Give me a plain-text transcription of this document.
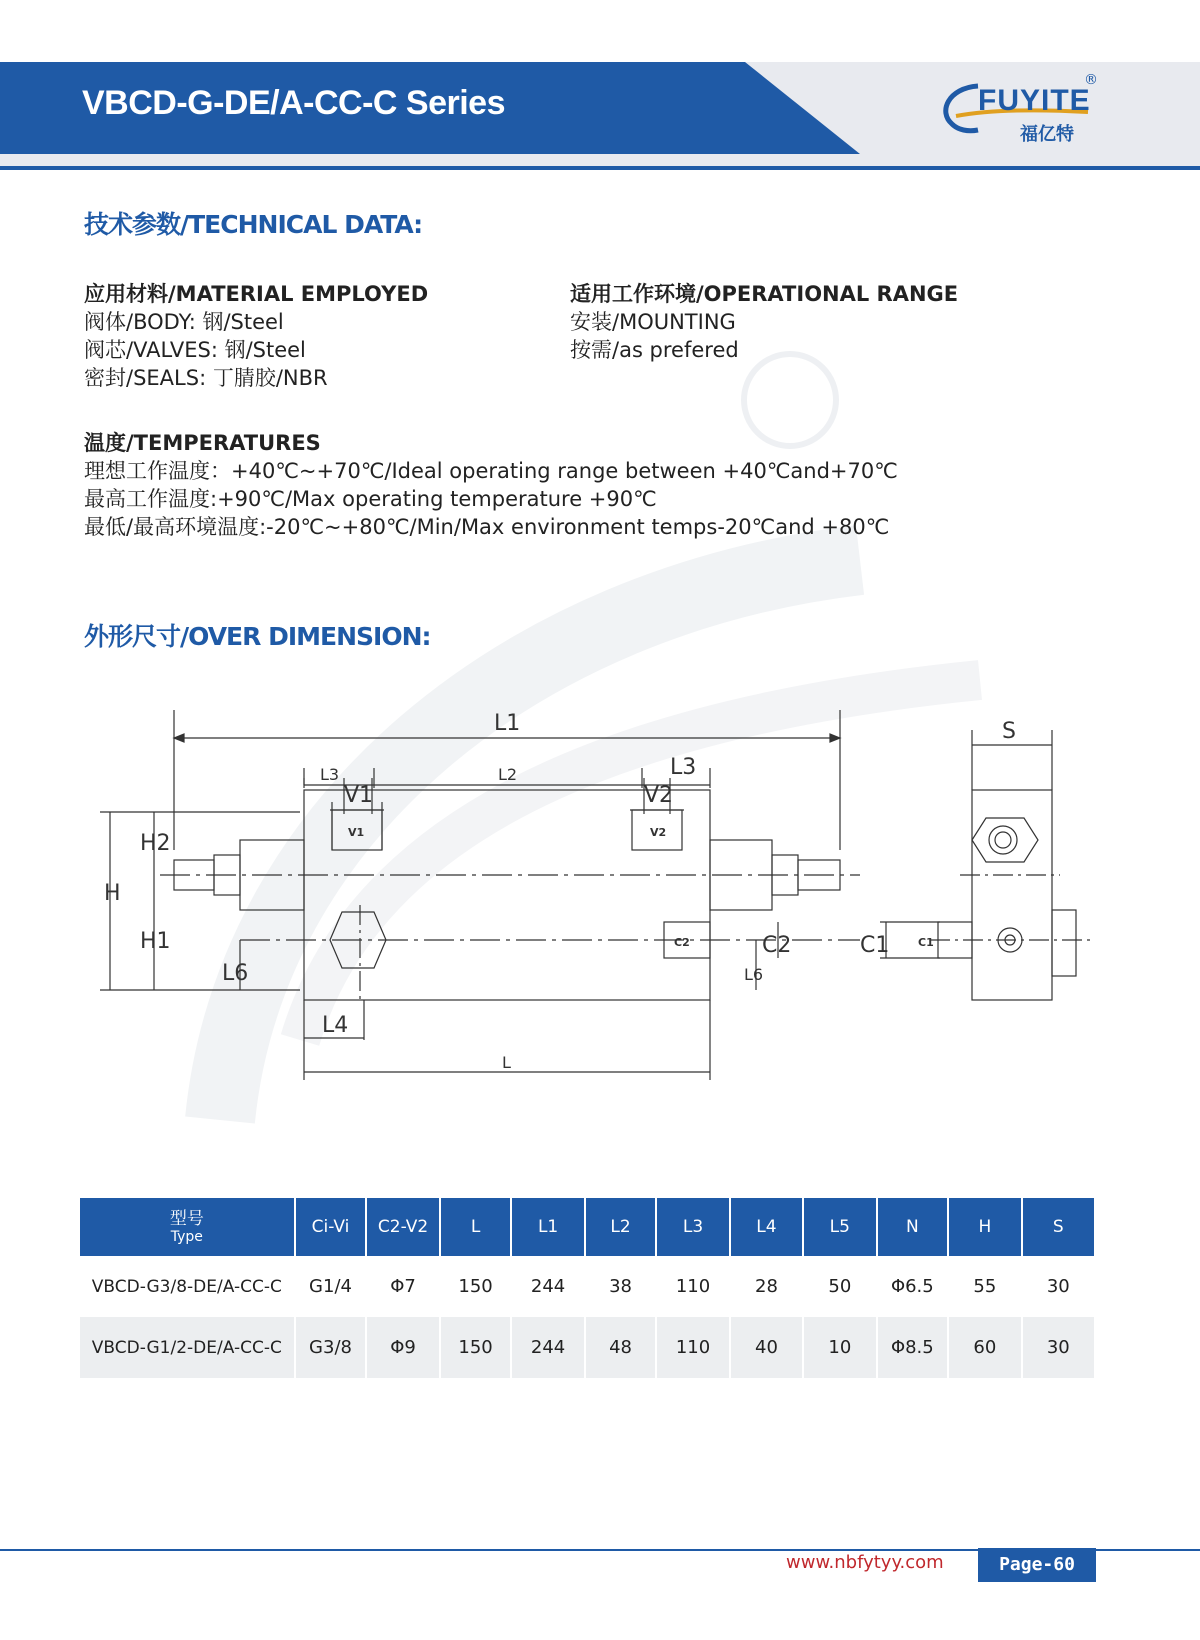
VBCD-G-DE/A-CC-C Series	FUYITE
®
福亿特
技术参数/TECHNICAL DATA:
应用材料/MATERIAL EMPLOYED
阀体/BODY: 钢/Steel
阀芯/VALVES: 钢/Steel
密封/SEALS: 丁腈胶/NBR
适用工作环境/OPERATIONAL RANGE
安装/MOUNTING
按需/as prefered
温度/TEMPERATURES
理想工作温度：+40℃~+70℃/Ideal operating range between +40℃and+70℃
最高工作温度:+90℃/Max operating temperature +90℃
最低/最高环境温度:-20℃~+80℃/Min/Max environment temps-20℃and +80℃
外形尺寸/OVER DIMENSION:
L1
L3	L2	L3
V1	V2
V1	V2
H
H2
H1
L6
L4
L
C2
L6
C2
S
C1	C1
型号
Type	Ci-Vi	C2-V2	L	L1	L2	L3	L4	L5	N	H	S
VBCD-G3/8-DE/A-CC-C	G1/4	Φ7	150	244	38	110	28	50	Φ6.5	55	30
VBCD-G1/2-DE/A-CC-C	G3/8	Φ9	150	244	48	110	40	10	Φ8.5	60	30
www.nbfytyy.com	Page-60
